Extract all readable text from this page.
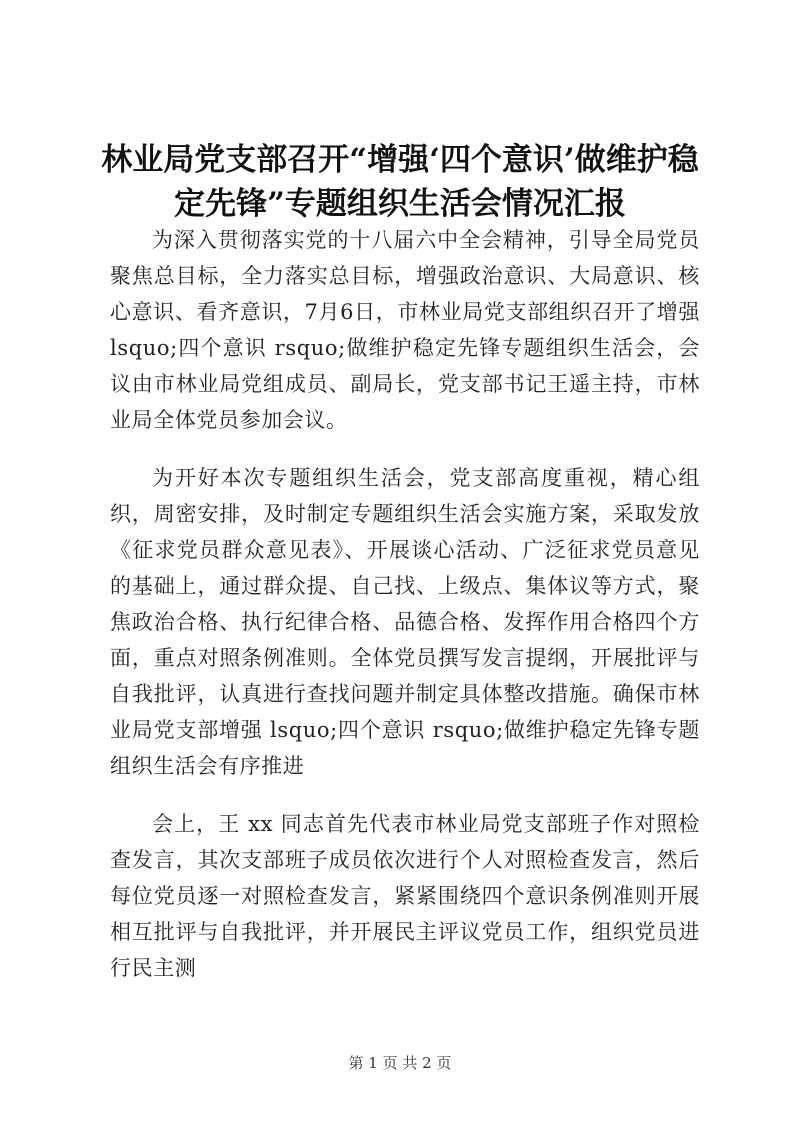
林业局党支部召开“增强‘四个意识’做维护稳定先锋”专题组织生活会情况汇报

为深入贯彻落实党的十八届六中全会精神，引导全局党员聚焦总目标，全力落实总目标，增强政治意识、大局意识、核心意识、看齐意识，7月6日，市林业局党支部组织召开了增强 lsquo;四个意识 rsquo;做维护稳定先锋专题组织生活会，会议由市林业局党组成员、副局长，党支部书记王遥主持，市林业局全体党员参加会议。

为开好本次专题组织生活会，党支部高度重视，精心组织，周密安排，及时制定专题组织生活会实施方案，采取发放《征求党员群众意见表》、开展谈心活动、广泛征求党员意见的基础上，通过群众提、自己找、上级点、集体议等方式，聚焦政治合格、执行纪律合格、品德合格、发挥作用合格四个方面，重点对照条例准则。全体党员撰写发言提纲，开展批评与自我批评，认真进行查找问题并制定具体整改措施。确保市林业局党支部增强 lsquo;四个意识 rsquo;做维护稳定先锋专题组织生活会有序推进

会上，王 xx 同志首先代表市林业局党支部班子作对照检查发言，其次支部班子成员依次进行个人对照检查发言，然后每位党员逐一对照检查发言，紧紧围绕四个意识条例准则开展相互批评与自我批评，并开展民主评议党员工作，组织党员进行民主测

第 1 页 共 2 页
